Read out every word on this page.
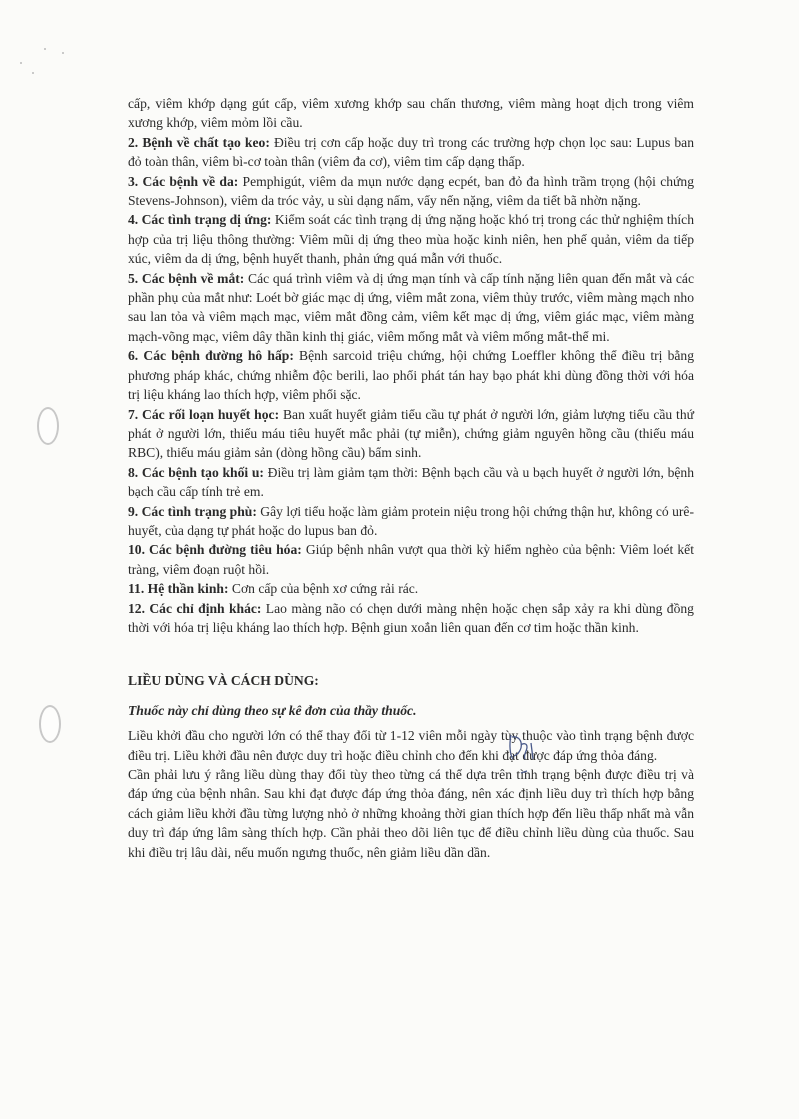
cấp, viêm khớp dạng gút cấp, viêm xương khớp sau chấn thương, viêm màng hoạt dịch trong viêm xương khớp, viêm mỏm lồi cầu.

2. Bệnh về chất tạo keo: Điều trị cơn cấp hoặc duy trì trong các trường hợp chọn lọc sau: Lupus ban đỏ toàn thân, viêm bì-cơ toàn thân (viêm đa cơ), viêm tim cấp dạng thấp.

3. Các bệnh về da: Pemphigút, viêm da mụn nước dạng ecpét, ban đỏ đa hình trầm trọng (hội chứng Stevens-Johnson), viêm da tróc vảy, u sùi dạng nấm, vẩy nến nặng, viêm da tiết bã nhờn nặng.

4. Các tình trạng dị ứng: Kiểm soát các tình trạng dị ứng nặng hoặc khó trị trong các thử nghiệm thích hợp của trị liệu thông thường: Viêm mũi dị ứng theo mùa hoặc kinh niên, hen phế quản, viêm da tiếp xúc, viêm da dị ứng, bệnh huyết thanh, phản ứng quá mẫn với thuốc.

5. Các bệnh về mắt: Các quá trình viêm và dị ứng mạn tính và cấp tính nặng liên quan đến mắt và các phần phụ của mắt như: Loét bờ giác mạc dị ứng, viêm mắt zona, viêm thủy trước, viêm màng mạch nho sau lan tỏa và viêm mạch mạc, viêm mắt đồng cảm, viêm kết mạc dị ứng, viêm giác mạc, viêm màng mạch-võng mạc, viêm dây thần kinh thị giác, viêm mống mắt và viêm mống mắt-thể mi.

6. Các bệnh đường hô hấp: Bệnh sarcoid triệu chứng, hội chứng Loeffler không thể điều trị bằng phương pháp khác, chứng nhiễm độc berili, lao phổi phát tán hay bạo phát khi dùng đồng thời với hóa trị liệu kháng lao thích hợp, viêm phổi sặc.

7. Các rối loạn huyết học: Ban xuất huyết giảm tiểu cầu tự phát ở người lớn, giảm lượng tiểu cầu thứ phát ở người lớn, thiếu máu tiêu huyết mắc phải (tự miễn), chứng giảm nguyên hồng cầu (thiếu máu RBC), thiếu máu giảm sản (dòng hồng cầu) bẩm sinh.

8. Các bệnh tạo khối u: Điều trị làm giảm tạm thời: Bệnh bạch cầu và u bạch huyết ở người lớn, bệnh bạch cầu cấp tính trẻ em.

9. Các tình trạng phù: Gây lợi tiểu hoặc làm giảm protein niệu trong hội chứng thận hư, không có urê-huyết, của dạng tự phát hoặc do lupus ban đỏ.

10. Các bệnh đường tiêu hóa: Giúp bệnh nhân vượt qua thời kỳ hiểm nghèo của bệnh: Viêm loét kết tràng, viêm đoạn ruột hồi.

11. Hệ thần kinh: Cơn cấp của bệnh xơ cứng rải rác.

12. Các chỉ định khác: Lao màng não có chẹn dưới màng nhện hoặc chẹn sắp xảy ra khi dùng đồng thời với hóa trị liệu kháng lao thích hợp. Bệnh giun xoắn liên quan đến cơ tim hoặc thần kinh.

LIỀU DÙNG VÀ CÁCH DÙNG:

Thuốc này chỉ dùng theo sự kê đơn của thầy thuốc.

Liều khởi đầu cho người lớn có thể thay đổi từ 1-12 viên mỗi ngày tùy thuộc vào tình trạng bệnh được điều trị. Liều khởi đầu nên được duy trì hoặc điều chỉnh cho đến khi đạt được đáp ứng thỏa đáng.

Cần phải lưu ý rằng liều dùng thay đổi tùy theo từng cá thể dựa trên tình trạng bệnh được điều trị và đáp ứng của bệnh nhân. Sau khi đạt được đáp ứng thỏa đáng, nên xác định liều duy trì thích hợp bằng cách giảm liều khởi đầu từng lượng nhỏ ở những khoảng thời gian thích hợp đến liều thấp nhất mà vẫn duy trì đáp ứng lâm sàng thích hợp. Cần phải theo dõi liên tục để điều chỉnh liều dùng của thuốc. Sau khi điều trị lâu dài, nếu muốn ngưng thuốc, nên giảm liều dần dần.
